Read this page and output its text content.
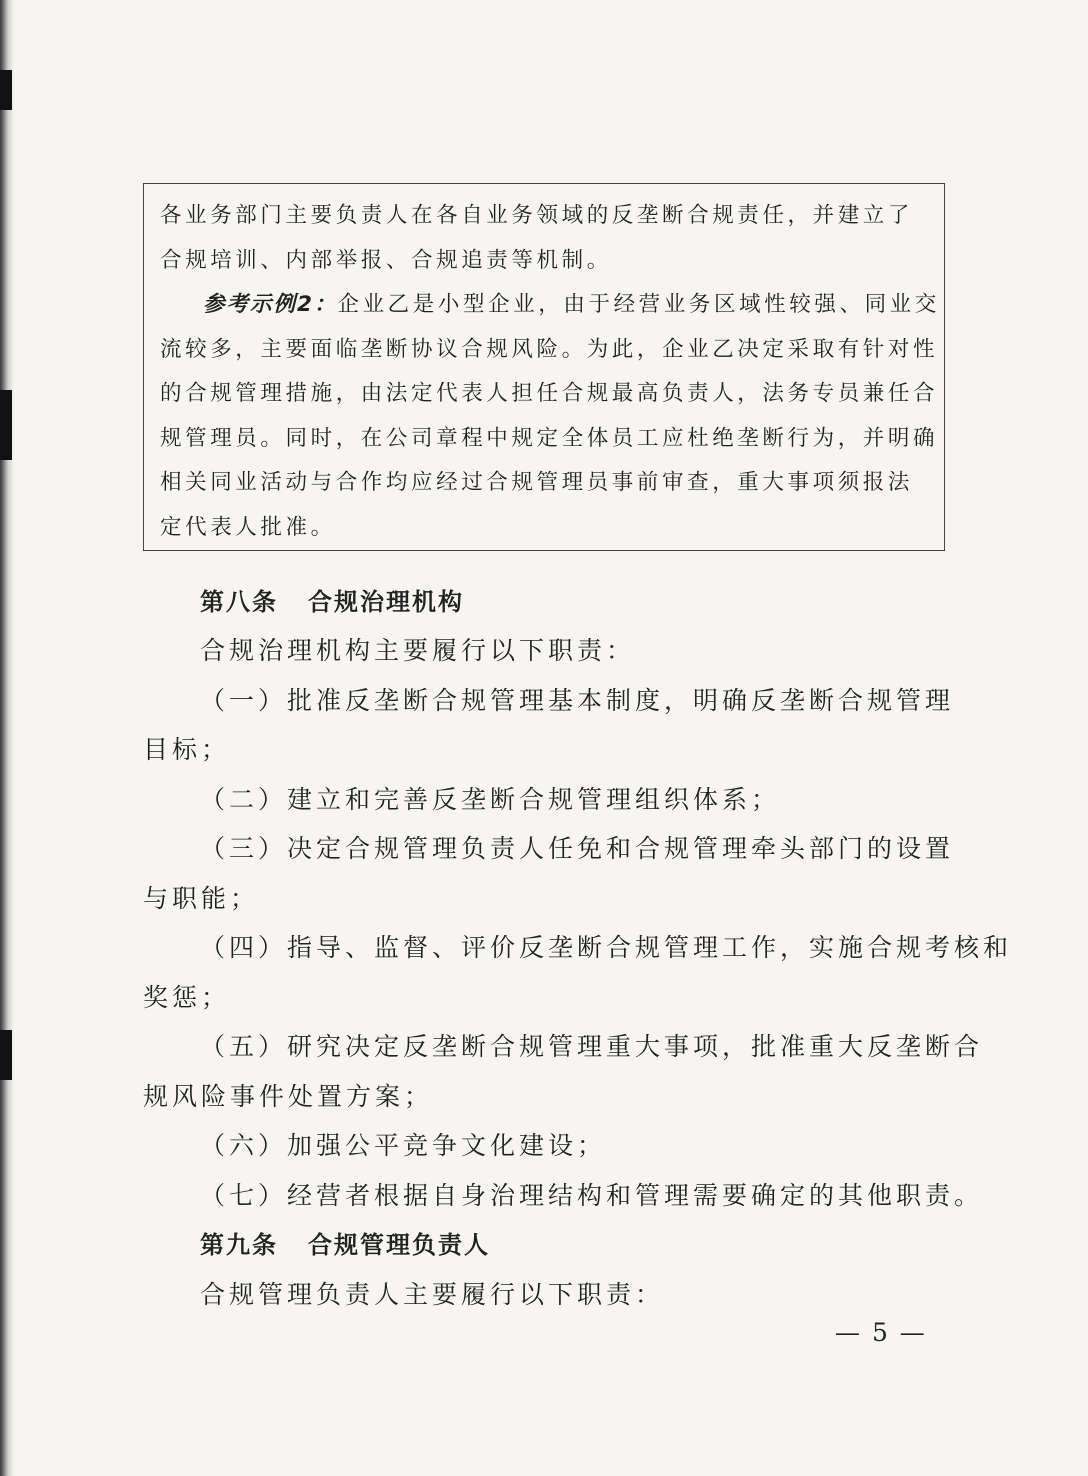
各业务部门主要负责人在各自业务领域的反垄断合规责任，并建立了

合规培训、内部举报、合规追责等机制。

参考示例2：企业乙是小型企业，由于经营业务区域性较强、同业交

流较多，主要面临垄断协议合规风险。为此，企业乙决定采取有针对性

的合规管理措施，由法定代表人担任合规最高负责人，法务专员兼任合

规管理员。同时，在公司章程中规定全体员工应杜绝垄断行为，并明确

相关同业活动与合作均应经过合规管理员事前审查，重大事项须报法

定代表人批准。

第八条 合规治理机构

合规治理机构主要履行以下职责：

（一）批准反垄断合规管理基本制度，明确反垄断合规管理

目标；

（二）建立和完善反垄断合规管理组织体系；

（三）决定合规管理负责人任免和合规管理牵头部门的设置

与职能；

（四）指导、监督、评价反垄断合规管理工作，实施合规考核和

奖惩；

（五）研究决定反垄断合规管理重大事项，批准重大反垄断合

规风险事件处置方案；

（六）加强公平竞争文化建设；

（七）经营者根据自身治理结构和管理需要确定的其他职责。

第九条 合规管理负责人

合规管理负责人主要履行以下职责：

— 5 —
